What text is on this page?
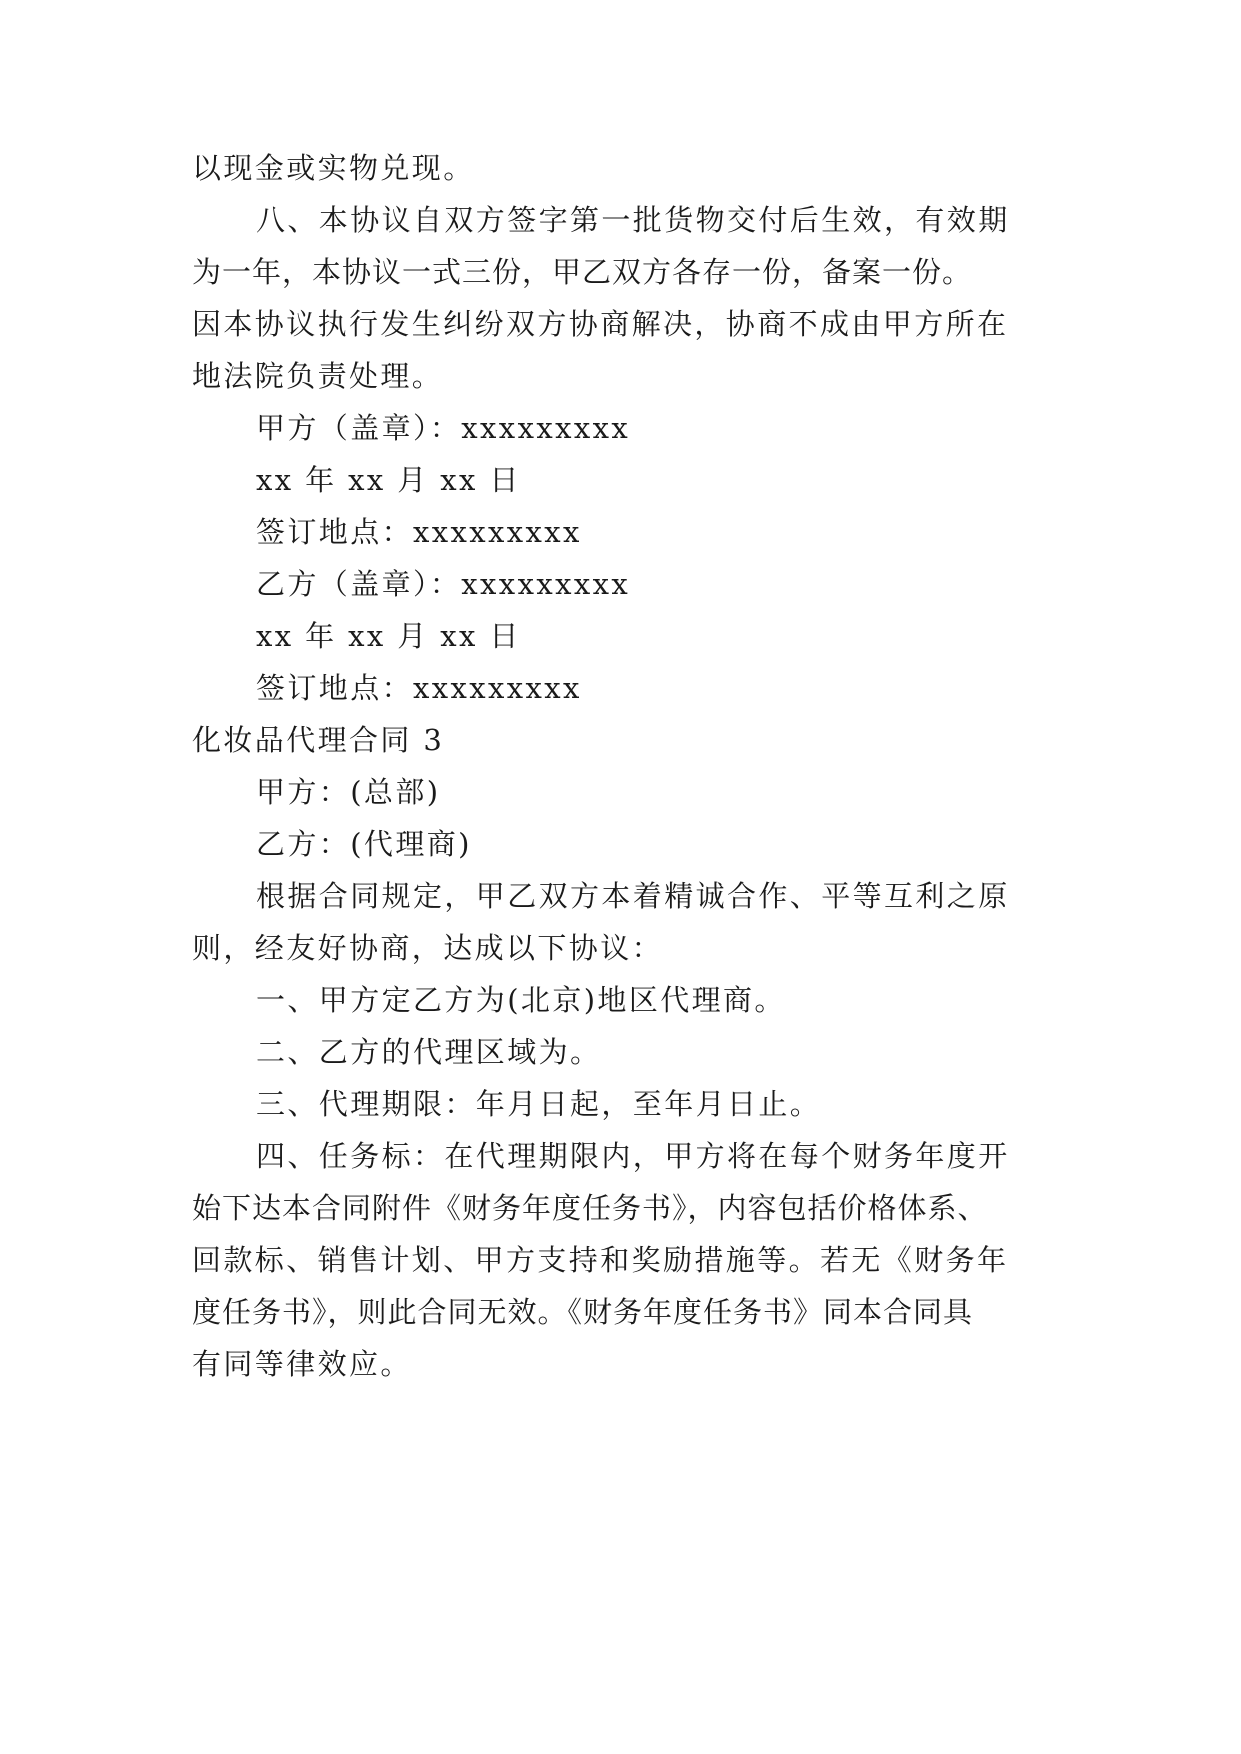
以现金或实物兑现。
八、本协议自双方签字第一批货物交付后生效，有效期
为一年，本协议一式三份，甲乙双方各存一份，备案一份。
因本协议执行发生纠纷双方协商解决，协商不成由甲方所在
地法院负责处理。
甲方（盖章）：xxxxxxxxx
xx 年 xx 月 xx 日
签订地点：xxxxxxxxx
乙方（盖章）：xxxxxxxxx
xx 年 xx 月 xx 日
签订地点：xxxxxxxxx
化妆品代理合同 3
甲方：(总部)
乙方：(代理商)
根据合同规定，甲乙双方本着精诚合作、平等互利之原
则，经友好协商，达成以下协议：
一、甲方定乙方为(北京)地区代理商。
二、乙方的代理区域为。
三、代理期限：年月日起，至年月日止。
四、任务标：在代理期限内，甲方将在每个财务年度开
始下达本合同附件《财务年度任务书》，内容包括价格体系、
回款标、销售计划、甲方支持和奖励措施等。若无《财务年
度任务书》，则此合同无效。《财务年度任务书》同本合同具
有同等律效应。
